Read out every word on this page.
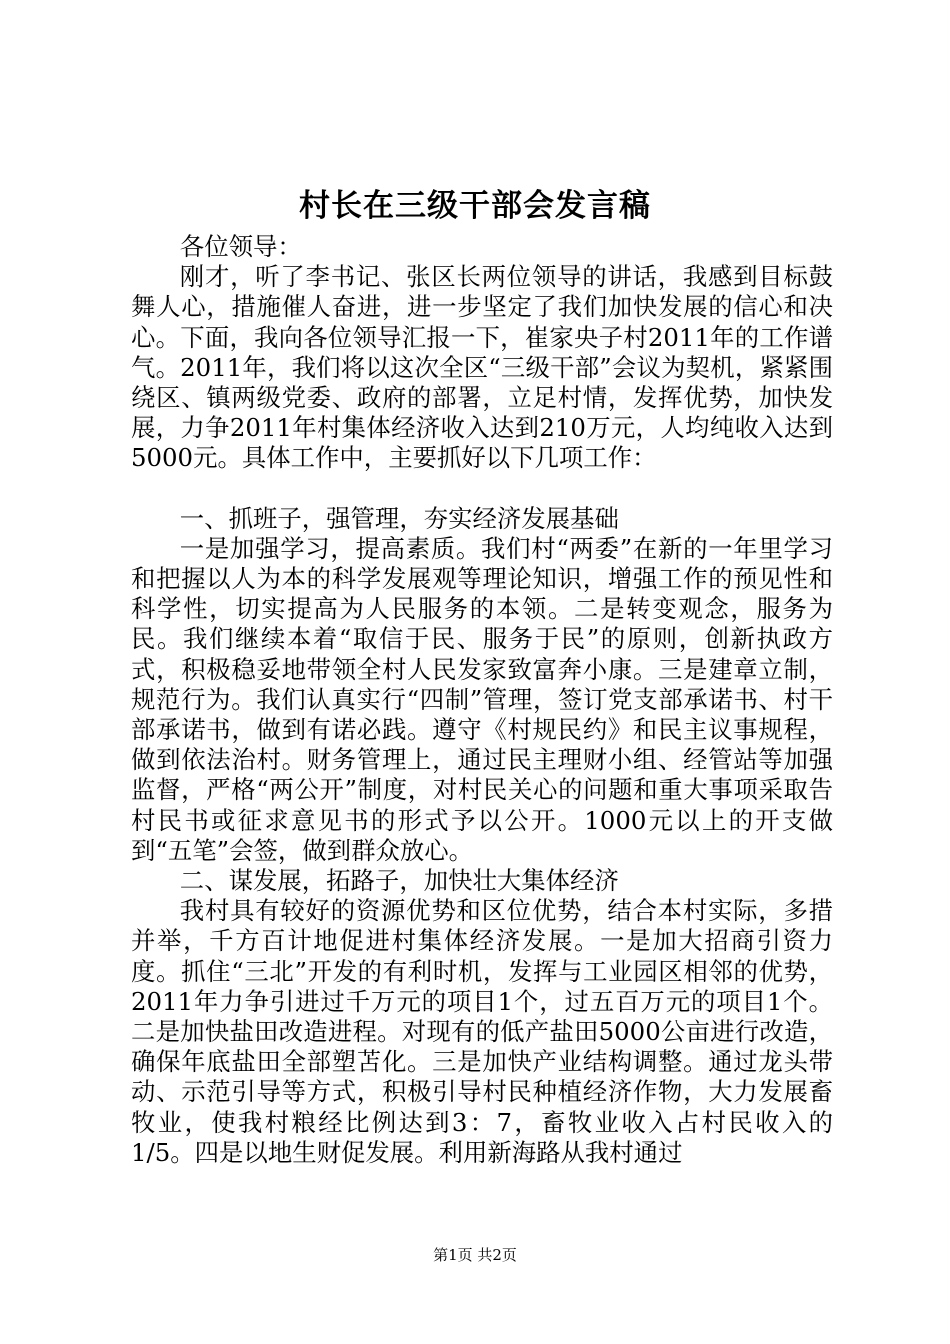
村长在三级干部会发言稿

各位领导：

刚才，听了李书记、张区长两位领导的讲话，我感到目标鼓舞人心，措施催人奋进，进一步坚定了我们加快发展的信心和决心。下面，我向各位领导汇报一下，崔家央子村2011年的工作谱气。2011年，我们将以这次全区“三级干部”会议为契机，紧紧围绕区、镇两级党委、政府的部署，立足村情，发挥优势，加快发展，力争2011年村集体经济收入达到210万元，人均纯收入达到5000元。具体工作中，主要抓好以下几项工作：

一、抓班子，强管理，夯实经济发展基础

一是加强学习，提高素质。我们村“两委”在新的一年里学习和把握以人为本的科学发展观等理论知识，增强工作的预见性和科学性，切实提高为人民服务的本领。二是转变观念，服务为民。我们继续本着“取信于民、服务于民”的原则，创新执政方式，积极稳妥地带领全村人民发家致富奔小康。三是建章立制，规范行为。我们认真实行“四制”管理，签订党支部承诺书、村干部承诺书，做到有诺必践。遵守《村规民约》和民主议事规程，做到依法治村。财务管理上，通过民主理财小组、经管站等加强监督，严格“两公开”制度，对村民关心的问题和重大事项采取告村民书或征求意见书的形式予以公开。1000元以上的开支做到“五笔”会签，做到群众放心。

二、谋发展，拓路子，加快壮大集体经济

我村具有较好的资源优势和区位优势，结合本村实际，多措并举，千方百计地促进村集体经济发展。一是加大招商引资力度。抓住“三北”开发的有利时机，发挥与工业园区相邻的优势，2011年力争引进过千万元的项目1个，过五百万元的项目1个。二是加快盐田改造进程。对现有的低产盐田5000公亩进行改造，确保年底盐田全部塑苫化。三是加快产业结构调整。通过龙头带动、示范引导等方式，积极引导村民种植经济作物，大力发展畜牧业，使我村粮经比例达到3：7，畜牧业收入占村民收入的1/5。四是以地生财促发展。利用新海路从我村通过

第1页 共2页
